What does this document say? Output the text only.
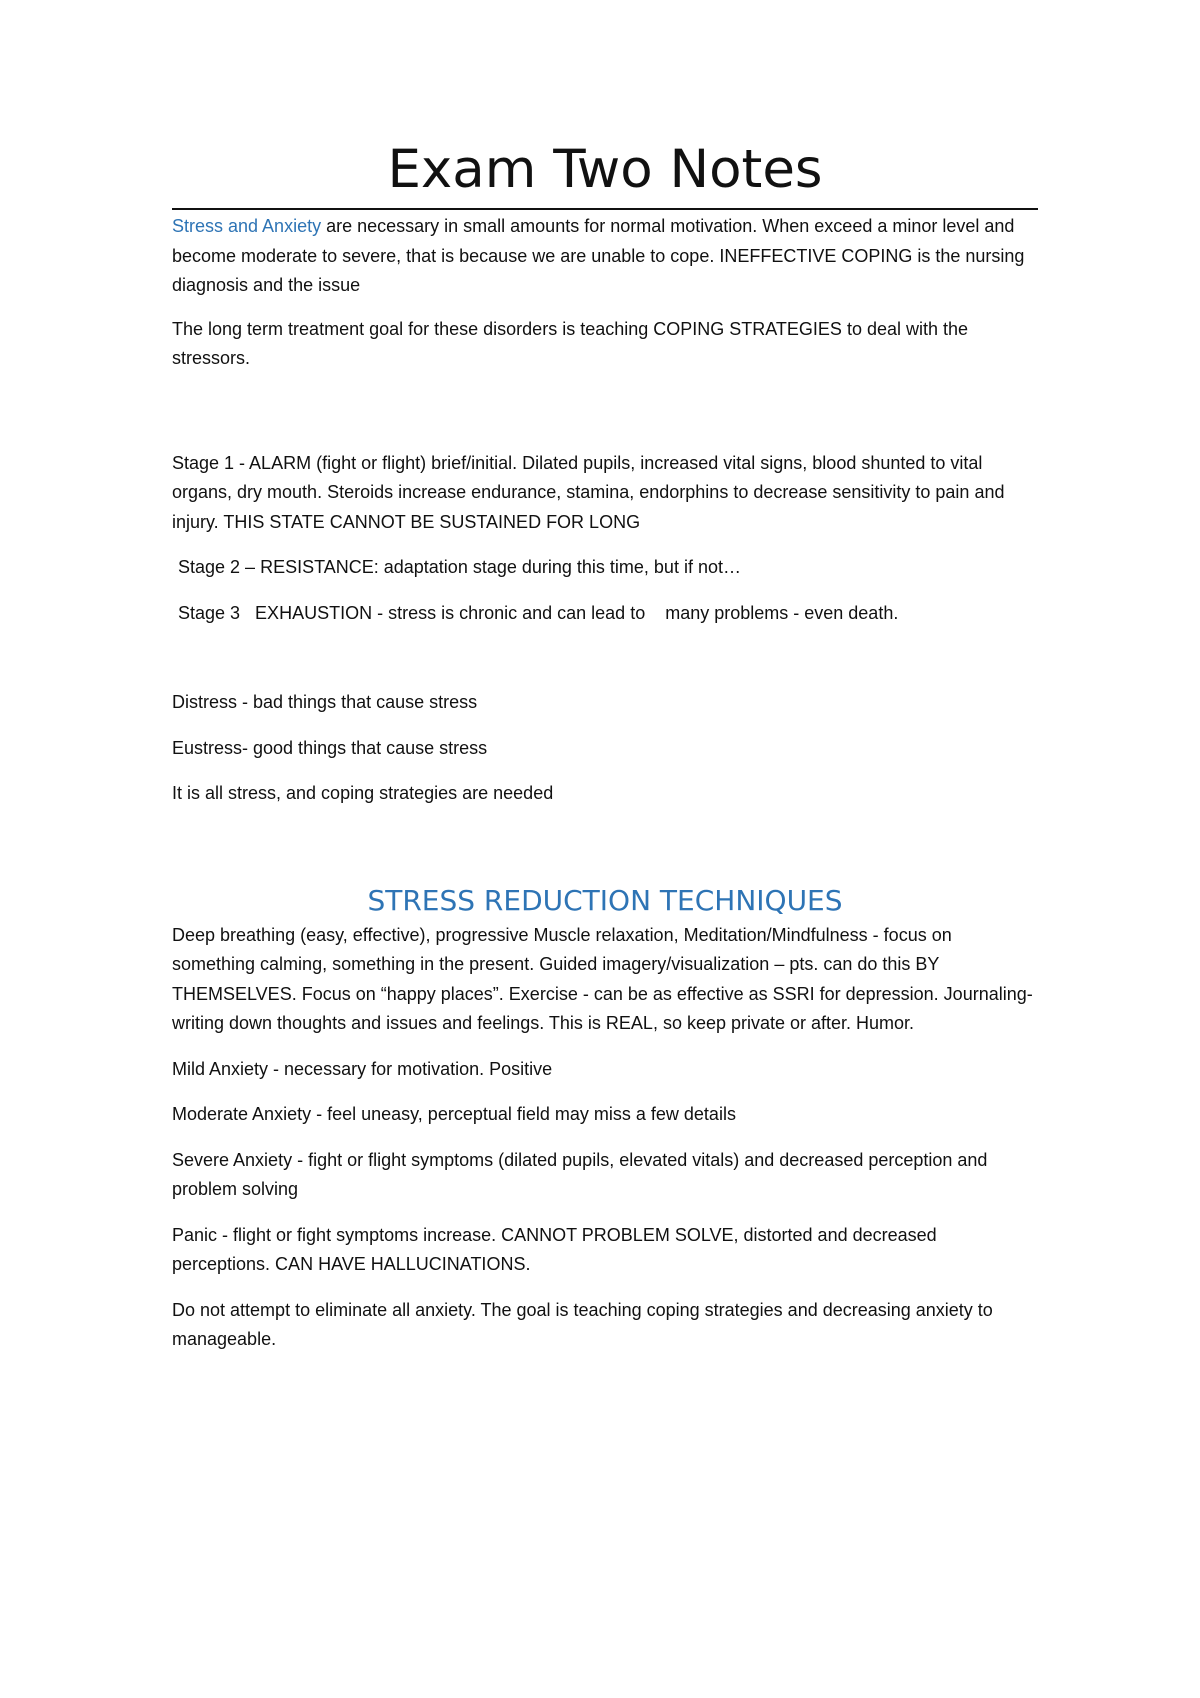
Exam Two Notes

Stress and Anxiety are necessary in small amounts for normal motivation. When exceed a minor level and become moderate to severe, that is because we are unable to cope. INEFFECTIVE COPING is the nursing diagnosis and the issue

The long term treatment goal for these disorders is teaching COPING STRATEGIES to deal with the stressors.

Stage 1 - ALARM (fight or flight) brief/initial. Dilated pupils, increased vital signs, blood shunted to vital organs, dry mouth. Steroids increase endurance, stamina, endorphins to decrease sensitivity to pain and injury. THIS STATE CANNOT BE SUSTAINED FOR LONG

Stage 2 – RESISTANCE: adaptation stage during this time, but if not…

Stage 3   EXHAUSTION - stress is chronic and can lead to    many problems - even death.

Distress - bad things that cause stress

Eustress- good things that cause stress

It is all stress, and coping strategies are needed

STRESS REDUCTION TECHNIQUES

Deep breathing (easy, effective), progressive Muscle relaxation, Meditation/Mindfulness - focus on something calming, something in the present. Guided imagery/visualization – pts. can do this BY THEMSELVES. Focus on “happy places”. Exercise - can be as effective as SSRI for depression. Journaling- writing down thoughts and issues and feelings. This is REAL, so keep private or after. Humor.

Mild Anxiety - necessary for motivation. Positive

Moderate Anxiety - feel uneasy, perceptual field may miss a few details

Severe Anxiety - fight or flight symptoms (dilated pupils, elevated vitals) and decreased perception and problem solving

Panic - flight or fight symptoms increase. CANNOT PROBLEM SOLVE, distorted and decreased perceptions. CAN HAVE HALLUCINATIONS.

Do not attempt to eliminate all anxiety. The goal is teaching coping strategies and decreasing anxiety to manageable.
